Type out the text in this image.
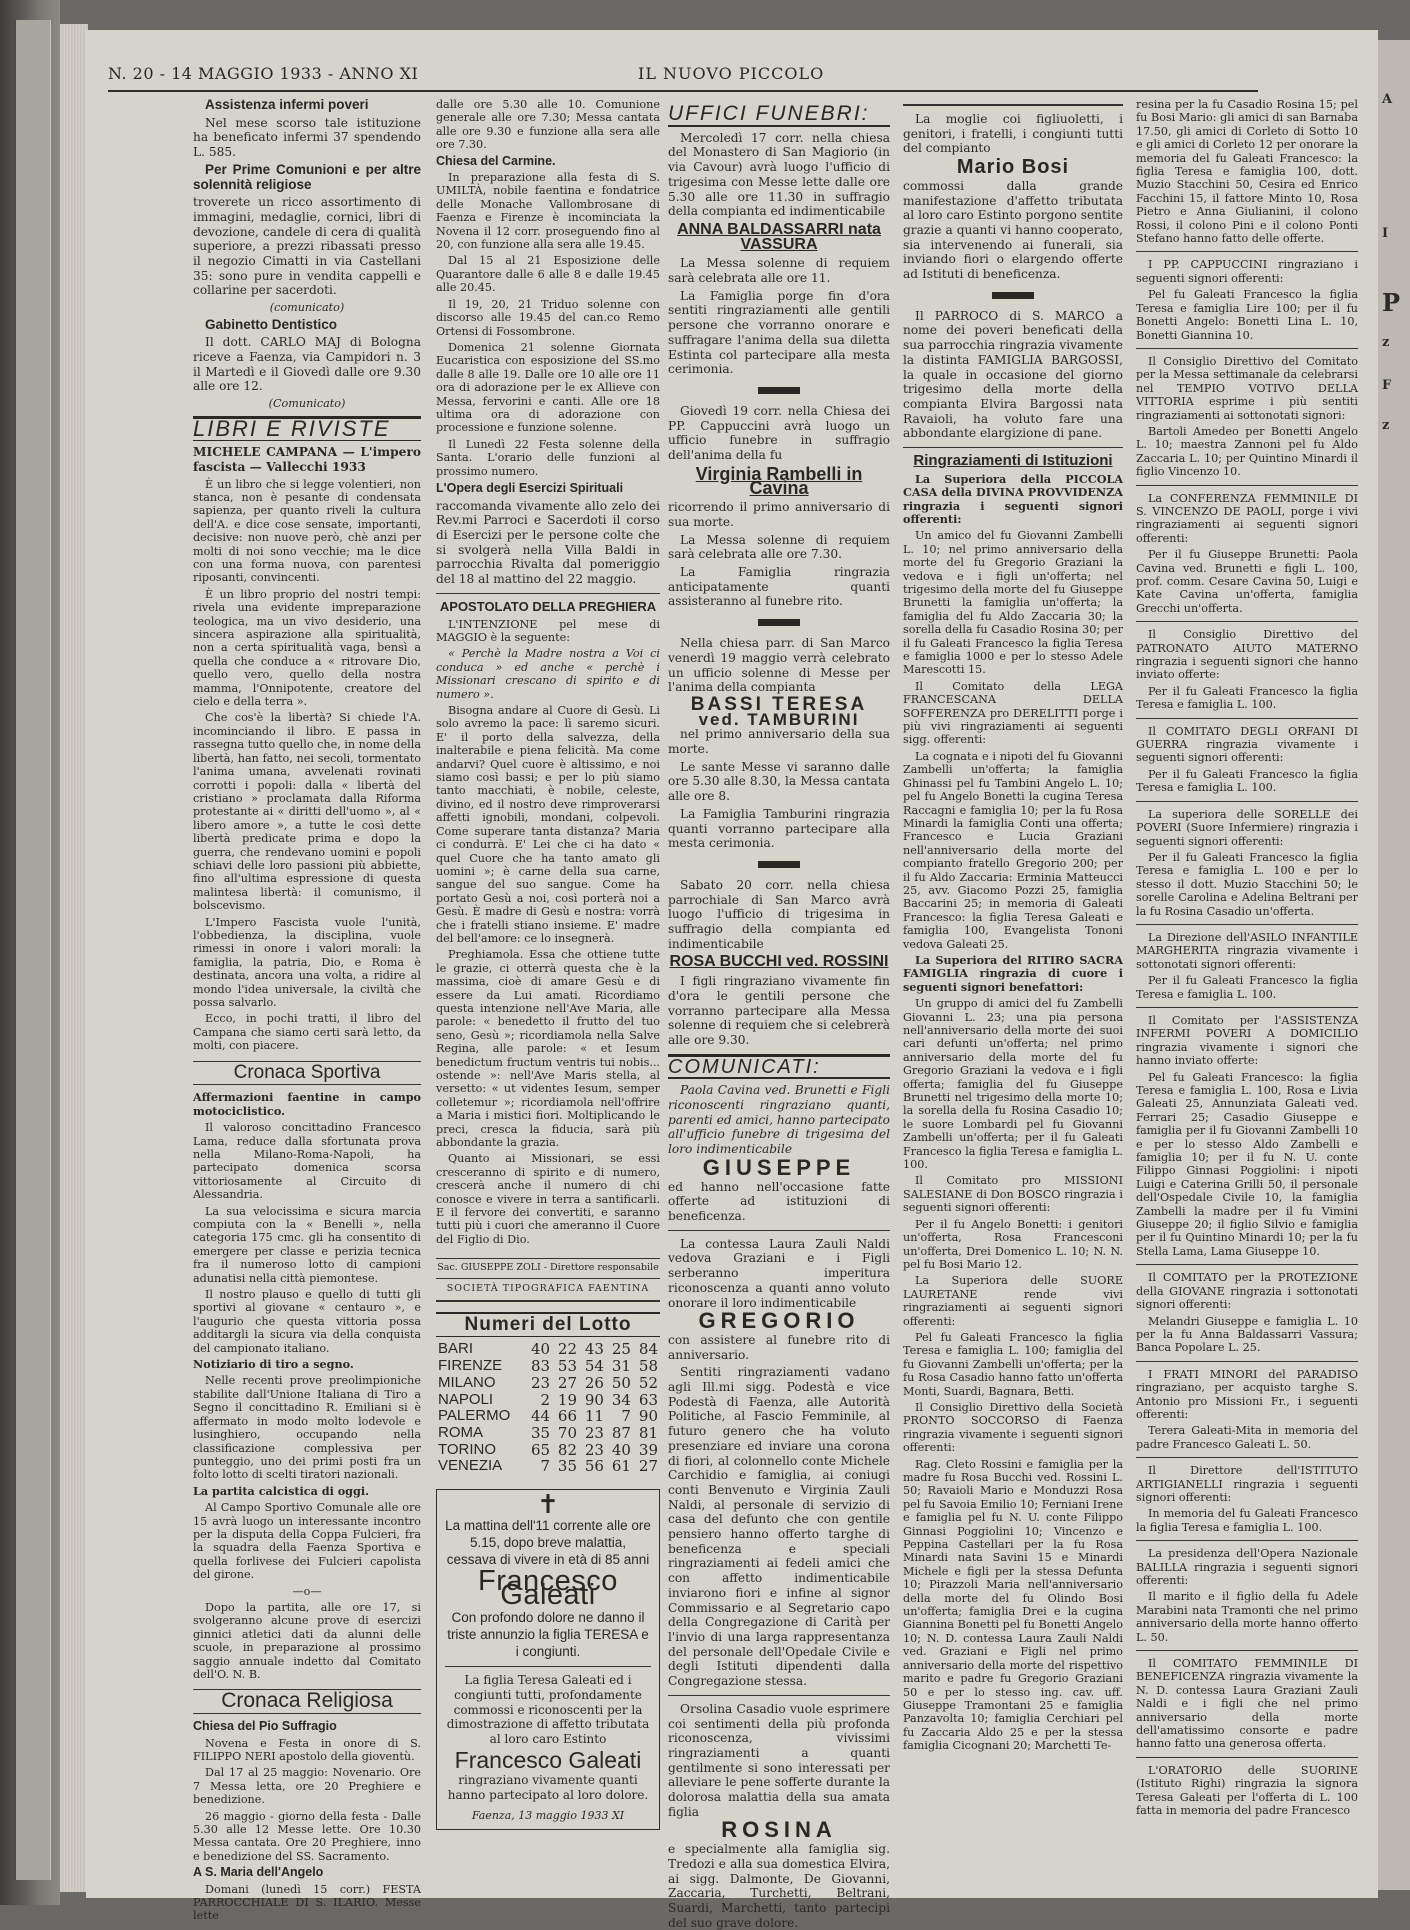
A
I
P
z
F
z
N. 20 - 14 MAGGIO 1933 - ANNO XI	IL NUOVO PICCOLO

Assistenza infermi poveri

Nel mese scorso tale istituzione ha beneficato infermi 37 spendendo L. 585.

Per Prime Comunioni e per altre solennità religiose

troverete un ricco assortimento di immagini, medaglie, cornici, libri di devozione, candele di cera di qualità superiore, a prezzi ribassati presso il negozio Cimatti in via Castellani 35: sono pure in vendita cappelli e collarine per sacerdoti.

(comunicato)

Gabinetto Dentistico

Il dott. CARLO MAJ di Bologna riceve a Faenza, via Campidori n. 3 il Martedì e il Giovedì dalle ore 9.30 alle ore 12.

(Comunicato)

LIBRI E RIVISTE

MICHELE CAMPANA — L'impero fascista — Vallecchi 1933

È un libro che si legge volentieri, non stanca, non è pesante di condensata sapienza, per quanto riveli la cultura dell'A. e dice cose sensate, importanti, decisive: non nuove però, chè anzi per molti di noi sono vecchie; ma le dice con una forma nuova, con parentesi riposanti, convincenti.

È un libro proprio del nostri tempi: rivela una evidente impreparazione teologica, ma un vivo desiderio, una sincera aspirazione alla spiritualità, non a certa spiritualità vaga, bensì a quella che conduce a « ritrovare Dio, quello vero, quello della nostra mamma, l'Onnipotente, creatore del cielo e della terra ».

Che cos'è la libertà? Si chiede l'A. incominciando il libro. E passa in rassegna tutto quello che, in nome della libertà, han fatto, nei secoli, tormentato l'anima umana, avvelenati rovinati corrotti i popoli: dalla « libertà del cristiano » proclamata dalla Riforma protestante ai « diritti dell'uomo », al « libero amore », a tutte le così dette libertà predicate prima e dopo la guerra, che rendevano uomini e popoli schiavi delle loro passioni più abbiette, fino all'ultima espressione di questa malintesa libertà: il comunismo, il bolscevismo.

L'Impero Fascista vuole l'unità, l'obbedienza, la disciplina, vuole rimessi in onore i valori morali: la famiglia, la patria, Dio, e Roma è destinata, ancora una volta, a ridire al mondo l'idea universale, la civiltà che possa salvarlo.

Ecco, in pochi tratti, il libro del Campana che siamo certi sarà letto, da molti, con piacere.

Cronaca Sportiva

Affermazioni faentine in campo motociclistico.

Il valoroso concittadino Francesco Lama, reduce dalla sfortunata prova nella Milano-Roma-Napoli, ha partecipato domenica scorsa vittoriosamente al Circuito di Alessandria.

La sua velocissima e sicura marcia compiuta con la « Benelli », nella categoria 175 cmc. gli ha consentito di emergere per classe e perizia tecnica fra il numeroso lotto di campioni adunatisi nella città piemontese.

Il nostro plauso e quello di tutti gli sportivi al giovane « centauro », e l'augurio che questa vittoria possa additargli la sicura via della conquista del campionato italiano.

Notiziario di tiro a segno.

Nelle recenti prove preolimpioniche stabilite dall'Unione Italiana di Tiro a Segno il concittadino R. Emiliani si è affermato in modo molto lodevole e lusinghiero, occupando nella classificazione complessiva per punteggio, uno dei primi posti fra un folto lotto di scelti tiratori nazionali.

La partita calcistica di oggi.

Al Campo Sportivo Comunale alle ore 15 avrà luogo un interessante incontro per la disputa della Coppa Fulcieri, fra la squadra della Faenza Sportiva e quella forlivese dei Fulcieri capolista del girone.

—o—

Dopo la partita, alle ore 17, si svolgeranno alcune prove di esercizi ginnici atletici dati da alunni delle scuole, in preparazione al prossimo saggio annuale indetto dal Comitato dell'O. N. B.

Cronaca Religiosa

Chiesa del Pio Suffragio

Novena e Festa in onore di S. FILIPPO NERI apostolo della gioventù.

Dal 17 al 25 maggio: Novenario. Ore 7 Messa letta, ore 20 Preghiere e benedizione.

26 maggio - giorno della festa - Dalle 5.30 alle 12 Messe lette. Ore 10.30 Messa cantata. Ore 20 Preghiere, inno e benedizione del SS. Sacramento.

A S. Maria dell'Angelo

Domani (lunedì 15 corr.) FESTA PARROCCHIALE DI S. ILARIO. Messe lette

dalle ore 5.30 alle 10. Comunione generale alle ore 7.30; Messa cantata alle ore 9.30 e funzione alla sera alle ore 7.30.

Chiesa del Carmine.

In preparazione alla festa di S. UMILTÀ, nobile faentina e fondatrice delle Monache Vallombrosane di Faenza e Firenze è incominciata la Novena il 12 corr. proseguendo fino al 20, con funzione alla sera alle 19.45.

Dal 15 al 21 Esposizione delle Quarantore dalle 6 alle 8 e dalle 19.45 alle 20.45.

Il 19, 20, 21 Triduo solenne con discorso alle 19.45 del can.co Remo Ortensi di Fossombrone.

Domenica 21 solenne Giornata Eucaristica con esposizione del SS.mo dalle 8 alle 19. Dalle ore 10 alle ore 11 ora di adorazione per le ex Allieve con Messa, fervorini e canti. Alle ore 18 ultima ora di adorazione con processione e funzione solenne.

Il Lunedì 22 Festa solenne della Santa. L'orario delle funzioni al prossimo numero.

L'Opera degli Esercizi Spirituali

raccomanda vivamente allo zelo dei Rev.mi Parroci e Sacerdoti il corso di Esercizi per le persone colte che si svolgerà nella Villa Baldi in parrocchia Rivalta dal pomeriggio del 18 al mattino del 22 maggio.

APOSTOLATO DELLA PREGHIERA

L'INTENZIONE pel mese di MAGGIO è la seguente:

« Perchè la Madre nostra a Voi ci conduca » ed anche « perchè i Missionari crescano di spirito e di numero ».

Bisogna andare al Cuore di Gesù. Li solo avremo la pace: lì saremo sicuri. E' il porto della salvezza, della inalterabile e piena felicità. Ma come andarvi? Quel cuore è altissimo, e noi siamo così bassi; e per lo più siamo tanto macchiati, è nobile, celeste, divino, ed il nostro deve rimproverarsi affetti ignobili, mondani, colpevoli. Come superare tanta distanza? Maria ci condurrà. E' Lei che ci ha dato « quel Cuore che ha tanto amato gli uomini »; è carne della sua carne, sangue del suo sangue. Come ha portato Gesù a noi, così porterà noi a Gesù. È madre di Gesù e nostra: vorrà che i fratelli stiano insieme. E' madre del bell'amore: ce lo insegnerà.

Preghiamola. Essa che ottiene tutte le grazie, ci otterrà questa che è la massima, cioè di amare Gesù e di essere da Lui amati. Ricordiamo questa intenzione nell'Ave Maria, alle parole: « benedetto il frutto del tuo seno, Gesù »; ricordiamola nella Salve Regina, alle parole: « et Iesum benedictum fructum ventris tui nobis... ostende »: nell'Ave Maris stella, al versetto: « ut videntes Iesum, semper colletemur »; ricordiamola nell'offrire a Maria i mistici fiori. Moltiplicando le preci, cresca la fiducia, sarà più abbondante la grazia.

Quanto ai Missionari, se essi cresceranno di spirito e di numero, crescerà anche il numero di chi conosce e vivere in terra a santificarli. E il fervore dei convertiti, e saranno tutti più i cuori che ameranno il Cuore del Figlio di Dio.

Sac. GIUSEPPE ZOLI - Direttore responsabile
SOCIETÀ TIPOGRAFICA FAENTINA
Numeri del Lotto
BARI	40	22	43	25	84
FIRENZE	83	53	54	31	58
MILANO	23	27	26	50	52
NAPOLI	2	19	90	34	63
PALERMO	44	66	11	7	90
ROMA	35	70	23	87	81
TORINO	65	82	23	40	39
VENEZIA	7	35	56	61	27
✝

La mattina dell'11 corrente alle ore 5.15, dopo breve malattia, cessava di vivere in età di 85 anni

Francesco Galeati

Con profondo dolore ne danno il triste annunzio la figlia TERESA e i congiunti.

La figlia Teresa Galeati ed i congiunti tutti, profondamente commossi e riconoscenti per la dimostrazione di affetto tributata al loro caro Estinto

Francesco Galeati

ringraziano vivamente quanti hanno partecipato al loro dolore.

Faenza, 13 maggio 1933 XI
UFFICI FUNEBRI:

Mercoledì 17 corr. nella chiesa del Monastero di San Magiorio (in via Cavour) avrà luogo l'ufficio di trigesima con Messe lette dalle ore 5.30 alle ore 11.30 in suffragio della compianta ed indimenticabile

ANNA BALDASSARRI nata VASSURA

La Messa solenne di requiem sarà celebrata alle ore 11.

La Famiglia porge fin d'ora sentiti ringraziamenti alle gentili persone che vorranno onorare e suffragare l'anima della sua diletta Estinta col partecipare alla mesta cerimonia.

Giovedì 19 corr. nella Chiesa dei PP. Cappuccini avrà luogo un ufficio funebre in suffragio dell'anima della fu

Virginia Rambelli in Cavina

ricorrendo il primo anniversario di sua morte.

La Messa solenne di requiem sarà celebrata alle ore 7.30.

La Famiglia ringrazia anticipatamente quanti assisteranno al funebre rito.

Nella chiesa parr. di San Marco venerdì 19 maggio verrà celebrato un ufficio solenne di Messe per l'anima della compianta

BASSI TERESA
ved. TAMBURINI

nel primo anniversario della sua morte.

Le sante Messe vi saranno dalle ore 5.30 alle 8.30, la Messa cantata alle ore 8.

La Famiglia Tamburini ringrazia quanti vorranno partecipare alla mesta cerimonia.

Sabato 20 corr. nella chiesa parrochiale di San Marco avrà luogo l'ufficio di trigesima in suffragio della compianta ed indimenticabile

ROSA BUCCHI ved. ROSSINI

I figli ringraziano vivamente fin d'ora le gentili persone che vorranno partecipare alla Messa solenne di requiem che si celebrerà alle ore 9.30.

COMUNICATI:

Paola Cavina ved. Brunetti e Figli riconoscenti ringraziano quanti, parenti ed amici, hanno partecipato all'ufficio funebre di trigesima del loro indimenticabile

GIUSEPPE

ed hanno nell'occasione fatte offerte ad istituzioni di beneficenza.

La contessa Laura Zauli Naldi vedova Graziani e i Figli serberanno imperitura riconoscenza a quanti anno voluto onorare il loro indimenticabile

GREGORIO

con assistere al funebre rito di anniversario.

Sentiti ringraziamenti vadano agli Ill.mi sigg. Podestà e vice Podestà di Faenza, alle Autorità Politiche, al Fascio Femminile, al futuro genero che ha voluto presenziare ed inviare una corona di fiori, al colonnello conte Michele Carchidio e famiglia, ai coniugi conti Benvenuto e Virginia Zauli Naldi, al personale di servizio di casa del defunto che con gentile pensiero hanno offerto targhe di beneficenza e speciali ringraziamenti ai fedeli amici che con affetto indimenticabile inviarono fiori e infine al signor Commissario e al Segretario capo della Congregazione di Carità per l'invio di una larga rappresentanza del personale dell'Opedale Civile e degli Istituti dipendenti dalla Congregazione stessa.

Orsolina Casadio vuole esprimere coi sentimenti della più profonda riconoscenza, vivissimi ringraziamenti a quanti gentilmente si sono interessati per alleviare le pene sofferte durante la dolorosa malattia della sua amata figlia

ROSINA

e specialmente alla famiglia sig. Tredozi e alla sua domestica Elvira, ai sigg. Dalmonte, De Giovanni, Zaccaria, Turchetti, Beltrani, Suardi, Marchetti, tanto partecipi del suo grave dolore.

La moglie coi figliuoletti, i genitori, i fratelli, i congiunti tutti del compianto

Mario Bosi

commossi dalla grande manifestazione d'affetto tributata al loro caro Estinto porgono sentite grazie a quanti vi hanno cooperato, sia intervenendo ai funerali, sia inviando fiori o elargendo offerte ad Istituti di beneficenza.

Il PARROCO di S. MARCO a nome dei poveri beneficati della sua parrocchia ringrazia vivamente la distinta FAMIGLIA BARGOSSI, la quale in occasione del giorno trigesimo della morte della compianta Elvira Bargossi nata Ravaioli, ha voluto fare una abbondante elargizione di pane.

Ringraziamenti di Istituzioni

La Superiora della PICCOLA CASA della DIVINA PROVVIDENZA ringrazia i seguenti signori offerenti:

Un amico del fu Giovanni Zambelli L. 10; nel primo anniversario della morte del fu Gregorio Graziani la vedova e i figli un'offerta; nel trigesimo della morte del fu Giuseppe Brunetti la famiglia un'offerta; la famiglia del fu Aldo Zaccaria 30; la sorella della fu Casadio Rosina 30; per il fu Galeati Francesco la figlia Teresa e famiglia 1000 e per lo stesso Adele Marescotti 15.

Il Comitato della LEGA FRANCESCANA DELLA SOFFERENZA pro DERELITTI porge i più vivi ringraziamenti ai seguenti sigg. offerenti:

La cognata e i nipoti del fu Giovanni Zambelli un'offerta; la famiglia Ghinassi pel fu Tambini Angelo L. 10; pel fu Angelo Bonetti la cugina Teresa Raccagni e famiglia 10; per la fu Rosa Minardi la famiglia Conti una offerta; Francesco e Lucia Graziani nell'anniversario della morte del compianto fratello Gregorio 200; per il fu Aldo Zaccaria: Erminia Matteucci 25, avv. Giacomo Pozzi 25, famiglia Baccarini 25; in memoria di Galeati Francesco: la figlia Teresa Galeati e famiglia 100, Evangelista Tononi vedova Galeati 25.

La Superiora del RITIRO SACRA FAMIGLIA ringrazia di cuore i seguenti signori benefattori:

Un gruppo di amici del fu Zambelli Giovanni L. 23; una pia persona nell'anniversario della morte dei suoi cari defunti un'offerta; nel primo anniversario della morte del fu Gregorio Graziani la vedova e i figli offerta; famiglia del fu Giuseppe Brunetti nel trigesimo della morte 10; la sorella della fu Rosina Casadio 10; le suore Lombardi pel fu Giovanni Zambelli un'offerta; per il fu Galeati Francesco la figlia Teresa e famiglia L. 100.

Il Comitato pro MISSIONI SALESIANE di Don BOSCO ringrazia i seguenti signori offerenti:

Per il fu Angelo Bonetti: i genitori un'offerta, Rosa Francesconi un'offerta, Drei Domenico L. 10; N. N. pel fu Bosi Mario 12.

La Superiora delle SUORE LAURETANE rende vivi ringraziamenti ai seguenti signori offerenti:

Pel fu Galeati Francesco la figlia Teresa e famiglia L. 100; famiglia del fu Giovanni Zambelli un'offerta; per la fu Rosa Casadio hanno fatto un'offerta Monti, Suardi, Bagnara, Betti.

Il Consiglio Direttivo della Società PRONTO SOCCORSO di Faenza ringrazia vivamente i seguenti signori offerenti:

Rag. Cleto Rossini e famiglia per la madre fu Rosa Bucchi ved. Rossini L. 50; Ravaioli Mario e Monduzzi Rosa pel fu Savoia Emilio 10; Ferniani Irene e famiglia pel fu N. U. conte Filippo Ginnasi Poggiolini 10; Vincenzo e Peppina Castellari per la fu Rosa Minardi nata Savini 15 e Minardi Michele e figli per la stessa Defunta 10; Pirazzoli Maria nell'anniversario della morte del fu Olindo Bosi un'offerta; famiglia Drei e la cugina Giannina Bonetti pel fu Bonetti Angelo 10; N. D. contessa Laura Zauli Naldi ved. Graziani e Figli nel primo anniversario della morte del rispettivo marito e padre fu Gregorio Graziani 50 e per lo stesso ing. cav. uff. Giuseppe Tramontani 25 e famiglia Panzavolta 10; famiglia Cerchiari pel fu Zaccaria Aldo 25 e per la stessa famiglia Cicognani 20; Marchetti Te-

resina per la fu Casadio Rosina 15; pel fu Bosi Mario: gli amici di san Barnaba 17.50, gli amici di Corleto di Sotto 10 e gli amici di Corleto 12 per onorare la memoria del fu Galeati Francesco: la figlia Teresa e famiglia 100, dott. Muzio Stacchini 50, Cesira ed Enrico Facchini 15, il fattore Minto 10, Rosa Pietro e Anna Giulianini, il colono Rossi, il colono Pini e il colono Ponti Stefano hanno fatto delle offerte.

I PP. CAPPUCCINI ringraziano i seguenti signori offerenti:

Pel fu Galeati Francesco la figlia Teresa e famiglia Lire 100; per il fu Bonetti Angelo: Bonetti Lina L. 10, Bonetti Giannina 10.

Il Consiglio Direttivo del Comitato per la Messa settimanale da celebrarsi nel TEMPIO VOTIVO DELLA VITTORIA esprime i più sentiti ringraziamenti ai sottonotati signori:

Bartoli Amedeo per Bonetti Angelo L. 10; maestra Zannoni pel fu Aldo Zaccaria L. 10; per Quintino Minardi il figlio Vincenzo 10.

La CONFERENZA FEMMINILE DI S. VINCENZO DE PAOLI, porge i vivi ringraziamenti ai seguenti signori offerenti:

Per il fu Giuseppe Brunetti: Paola Cavina ved. Brunetti e figli L. 100, prof. comm. Cesare Cavina 50, Luigi e Kate Cavina un'offerta, famiglia Grecchi un'offerta.

Il Consiglio Direttivo del PATRONATO AIUTO MATERNO ringrazia i seguenti signori che hanno inviato offerte:

Per il fu Galeati Francesco la figlia Teresa e famiglia L. 100.

Il COMITATO DEGLI ORFANI DI GUERRA ringrazia vivamente i seguenti signori offerenti:

Per il fu Galeati Francesco la figlia Teresa e famiglia L. 100.

La superiora delle SORELLE dei POVERI (Suore Infermiere) ringrazia i seguenti signori offerenti:

Per il fu Galeati Francesco la figlia Teresa e famiglia L. 100 e per lo stesso il dott. Muzio Stacchini 50; le sorelle Carolina e Adelina Beltrani per la fu Rosina Casadio un'offerta.

La Direzione dell'ASILO INFANTILE MARGHERITA ringrazia vivamente i sottonotati signori offerenti:

Per il fu Galeati Francesco la figlia Teresa e famiglia L. 100.

Il Comitato per l'ASSISTENZA INFERMI POVERI A DOMICILIO ringrazia vivamente i signori che hanno inviato offerte:

Pel fu Galeati Francesco: la figlia Teresa e famiglia L. 100, Rosa e Livia Galeati 25, Annunziata Galeati ved. Ferrari 25; Casadio Giuseppe e famiglia per il fu Giovanni Zambelli 10 e per lo stesso Aldo Zambelli e famiglia 10; per il fu N. U. conte Filippo Ginnasi Poggiolini: i nipoti Luigi e Caterina Grilli 50, il personale dell'Ospedale Civile 10, la famiglia Zambelli la madre per il fu Vimini Giuseppe 20; il figlio Silvio e famiglia per il fu Quintino Minardi 10; per la fu Stella Lama, Lama Giuseppe 10.

Il COMITATO per la PROTEZIONE della GIOVANE ringrazia i sottonotati signori offerenti:

Melandri Giuseppe e famiglia L. 10 per la fu Anna Baldassarri Vassura; Banca Popolare L. 25.

I FRATI MINORI del PARADISO ringraziano, per acquisto targhe S. Antonio pro Missioni Fr., i seguenti offerenti:

Terera Galeati-Mita in memoria del padre Francesco Galeati L. 50.

Il Direttore dell'ISTITUTO ARTIGIANELLI ringrazia i seguenti signori offerenti:

In memoria del fu Galeati Francesco la figlia Teresa e famiglia L. 100.

La presidenza dell'Opera Nazionale BALILLA ringrazia i seguenti signori offerenti:

Il marito e il figlio della fu Adele Marabini nata Tramonti che nel primo anniversario della morte hanno offerto L. 50.

Il COMITATO FEMMINILE DI BENEFICENZA ringrazia vivamente la N. D. contessa Laura Graziani Zauli Naldi e i figli che nel primo anniversario della morte dell'amatissimo consorte e padre hanno fatto una generosa offerta.

L'ORATORIO delle SUORINE (Istituto Righi) ringrazia la signora Teresa Galeati per l'offerta di L. 100 fatta in memoria del padre Francesco
